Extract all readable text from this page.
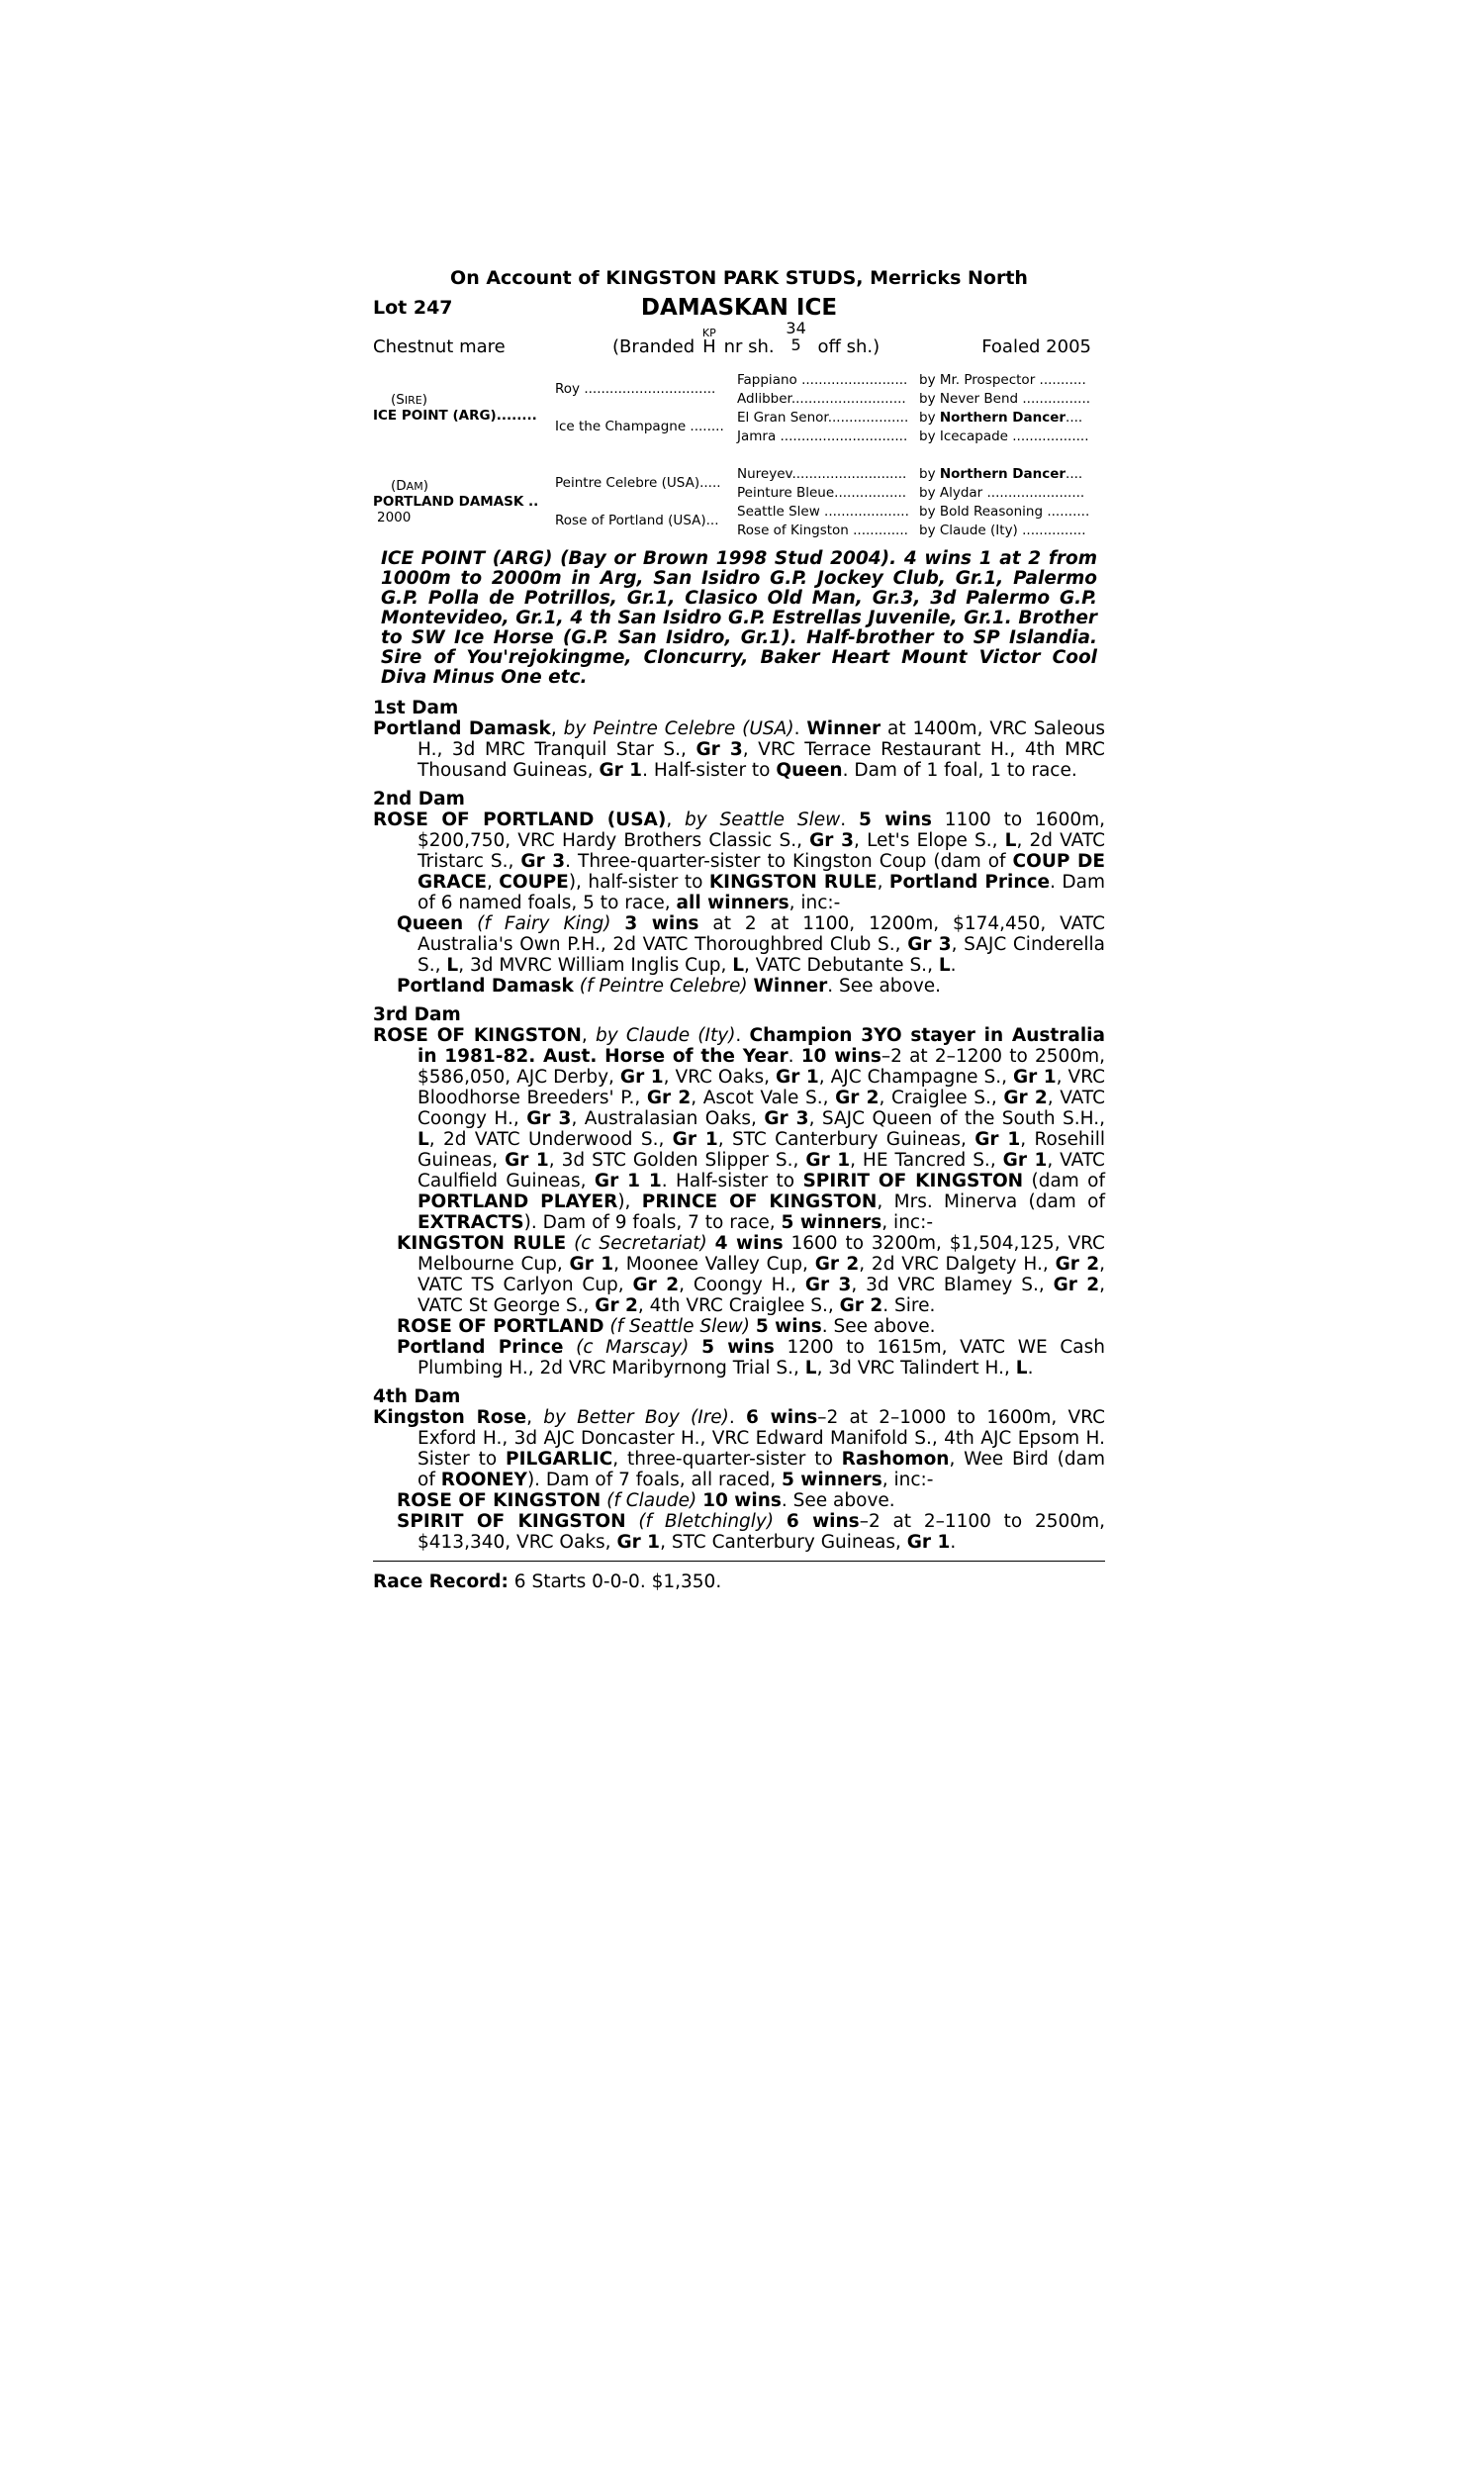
On Account of KINGSTON PARK STUDS, Merricks North
Lot 247	DAMASKAN ICE
Chestnut mare	(Branded
KP
H nr sh. 34
5 off sh.)	Foaled 2005
(SIRE)
ICE POINT (ARG)........	Roy ...............................	Fappiano .........................	by Mr. Prospector ...........
		Adlibber...........................	by Never Bend ................
	Ice the Champagne ........	El Gran Senor...................	by Northern Dancer....
		Jamra ..............................	by Icecapade ..................

(DAM)
PORTLAND DAMASK ..
2000	Peintre Celebre (USA).....	Nureyev...........................	by Northern Dancer....
		Peinture Bleue.................	by Alydar .......................
	Rose of Portland (USA)...	Seattle Slew ....................	by Bold Reasoning ..........
		Rose of Kingston .............	by Claude (Ity) ...............
ICE POINT (ARG) (Bay or Brown 1998 Stud 2004). 4 wins 1 at 2 from 1000m to 2000m in Arg, San Isidro G.P. Jockey Club, Gr.1, Palermo G.P. Polla de Potrillos, Gr.1, Clasico Old Man, Gr.3, 3d Palermo G.P. Montevideo, Gr.1, 4 th San Isidro G.P. Estrellas Juvenile, Gr.1. Brother to SW Ice Horse (G.P. San Isidro, Gr.1). Half-brother to SP Islandia. Sire of You'rejokingme, Cloncurry, Baker Heart Mount Victor Cool Diva Minus One etc.
1st Dam

Portland Damask, by Peintre Celebre (USA). Winner at 1400m, VRC Saleous H., 3d MRC Tranquil Star S., Gr 3, VRC Terrace Restaurant H., 4th MRC Thousand Guineas, Gr 1. Half-sister to Queen. Dam of 1 foal, 1 to race.

2nd Dam

ROSE OF PORTLAND (USA), by Seattle Slew. 5 wins 1100 to 1600m, $200,750, VRC Hardy Brothers Classic S., Gr 3, Let's Elope S., L, 2d VATC Tristarc S., Gr 3. Three-quarter-sister to Kingston Coup (dam of COUP DE GRACE, COUPE), half-sister to KINGSTON RULE, Portland Prince. Dam of 6 named foals, 5 to race, all winners, inc:-

Queen (f Fairy King) 3 wins at 2 at 1100, 1200m, $174,450, VATC Australia's Own P.H., 2d VATC Thoroughbred Club S., Gr 3, SAJC Cinderella S., L, 3d MVRC William Inglis Cup, L, VATC Debutante S., L.

Portland Damask (f Peintre Celebre) Winner. See above.

3rd Dam

ROSE OF KINGSTON, by Claude (Ity). Champion 3YO stayer in Australia in 1981-82. Aust. Horse of the Year. 10 wins–2 at 2–1200 to 2500m, $586,050, AJC Derby, Gr 1, VRC Oaks, Gr 1, AJC Champagne S., Gr 1, VRC Bloodhorse Breeders' P., Gr 2, Ascot Vale S., Gr 2, Craiglee S., Gr 2, VATC Coongy H., Gr 3, Australasian Oaks, Gr 3, SAJC Queen of the South S.H., L, 2d VATC Underwood S., Gr 1, STC Canterbury Guineas, Gr 1, Rosehill Guineas, Gr 1, 3d STC Golden Slipper S., Gr 1, HE Tancred S., Gr 1, VATC Caulfield Guineas, Gr 1 1. Half-sister to SPIRIT OF KINGSTON (dam of PORTLAND PLAYER), PRINCE OF KINGSTON, Mrs. Minerva (dam of EXTRACTS). Dam of 9 foals, 7 to race, 5 winners, inc:-

KINGSTON RULE (c Secretariat) 4 wins 1600 to 3200m, $1,504,125, VRC Melbourne Cup, Gr 1, Moonee Valley Cup, Gr 2, 2d VRC Dalgety H., Gr 2, VATC TS Carlyon Cup, Gr 2, Coongy H., Gr 3, 3d VRC Blamey S., Gr 2, VATC St George S., Gr 2, 4th VRC Craiglee S., Gr 2. Sire.

ROSE OF PORTLAND (f Seattle Slew) 5 wins. See above.

Portland Prince (c Marscay) 5 wins 1200 to 1615m, VATC WE Cash Plumbing H., 2d VRC Maribyrnong Trial S., L, 3d VRC Talindert H., L.

4th Dam

Kingston Rose, by Better Boy (Ire). 6 wins–2 at 2–1000 to 1600m, VRC Exford H., 3d AJC Doncaster H., VRC Edward Manifold S., 4th AJC Epsom H. Sister to PILGARLIC, three-quarter-sister to Rashomon, Wee Bird (dam of ROONEY). Dam of 7 foals, all raced, 5 winners, inc:-

ROSE OF KINGSTON (f Claude) 10 wins. See above.

SPIRIT OF KINGSTON (f Bletchingly) 6 wins–2 at 2–1100 to 2500m, $413,340, VRC Oaks, Gr 1, STC Canterbury Guineas, Gr 1.

Race Record: 6 Starts 0-0-0. $1,350.
